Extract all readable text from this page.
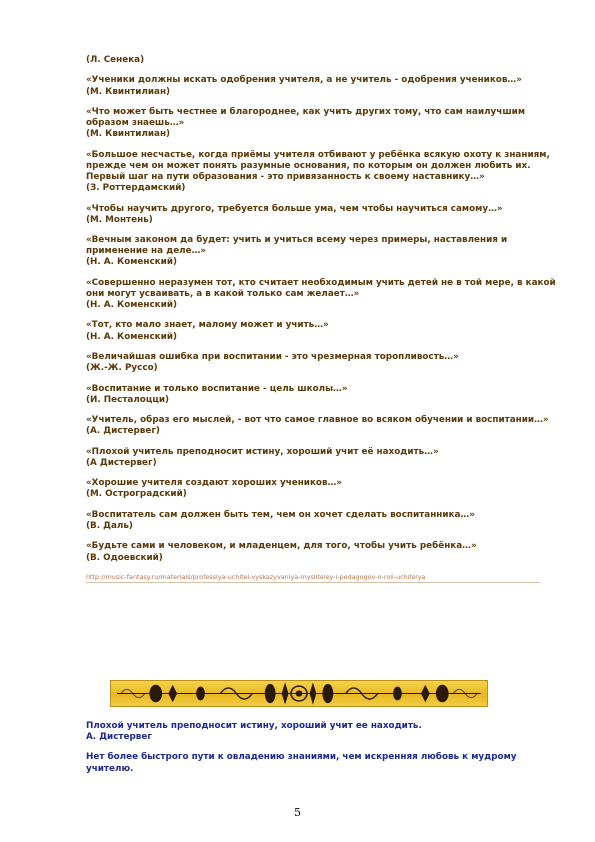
(Л. Сенека)
«Ученики должны искать одобрения учителя, а не учитель - одобрения учеников…»
(М. Квинтилиан)
«Что может быть честнее и благороднее, как учить других тому, что сам наилучшим образом знаешь…»
(М. Квинтилиан)
«Большое несчастье, когда приёмы учителя отбивают у ребёнка всякую охоту к знаниям, прежде чем он может понять разумные основания, по которым он должен любить их. Первый шаг на пути образования - это привязанность к своему наставнику…»
(З. Роттердамский)
«Чтобы научить другого, требуется больше ума, чем чтобы научиться самому…»
(М. Монтень)
«Вечным законом да будет: учить и учиться всему через примеры, наставления и применение на деле…»
(Н. А. Коменский)
«Совершенно неразумен тот, кто считает необходимым учить детей не в той мере, в какой они могут усваивать, а в какой только сам желает…»
(Н. А. Коменский)
«Тот, кто мало знает, малому может и учить…»
(Н. А. Коменский)
«Величайшая ошибка при воспитании - это чрезмерная торопливость…»
(Ж.-Ж. Руссо)
«Воспитание и только воспитание - цель школы…»
(И. Песталоцци)
«Учитель, образ его мыслей, - вот что самое главное во всяком обучении и воспитании…»
(А. Дистервег)
«Плохой учитель преподносит истину, хороший учит её находить…»
(А Дистервег)
«Хорошие учителя создают хороших учеников…»
(М. Остроградский)
«Воспитатель сам должен быть тем, чем он хочет сделать воспитанника…»
(В. Даль)
«Будьте сами и человеком, и младенцем, для того, чтобы учить ребёнка…»
(В. Одоевский)
http://music-fantasy.ru/materials/professiya-uchitel-vyskazyvaniya-mysliteley-i-pedagogov-o-roli-uchitelya
Плохой учитель преподносит истину, хороший учит ее находить.
А. Дистервег
Нет более быстрого пути к овладению знаниями, чем искренняя любовь к мудрому учителю.
5
